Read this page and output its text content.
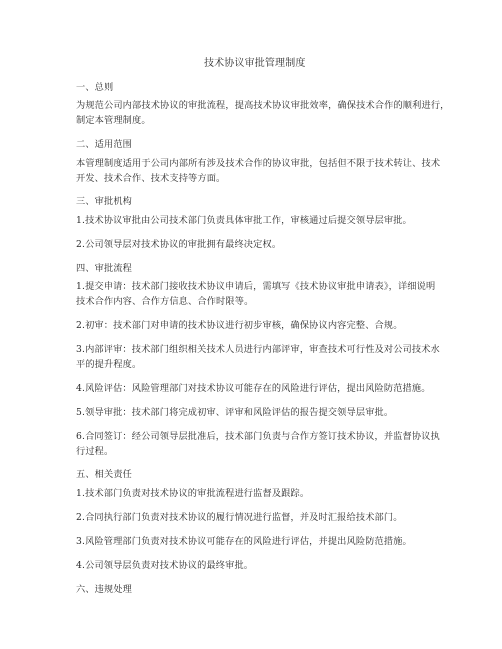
技术协议审批管理制度
一、总则
为规范公司内部技术协议的审批流程，提高技术协议审批效率，确保技术合作的顺利进行，
制定本管理制度。
二、适用范围
本管理制度适用于公司内部所有涉及技术合作的协议审批，包括但不限于技术转让、技术
开发、技术合作、技术支持等方面。
三、审批机构
1.技术协议审批由公司技术部门负责具体审批工作，审核通过后提交领导层审批。
2.公司领导层对技术协议的审批拥有最终决定权。
四、审批流程
1.提交申请：技术部门接收技术协议申请后，需填写《技术协议审批申请表》，详细说明
技术合作内容、合作方信息、合作时限等。
2.初审：技术部门对申请的技术协议进行初步审核，确保协议内容完整、合规。
3.内部评审：技术部门组织相关技术人员进行内部评审，审查技术可行性及对公司技术水
平的提升程度。
4.风险评估：风险管理部门对技术协议可能存在的风险进行评估，提出风险防范措施。
5.领导审批：技术部门将完成初审、评审和风险评估的报告提交领导层审批。
6.合同签订：经公司领导层批准后，技术部门负责与合作方签订技术协议，并监督协议执
行过程。
五、相关责任
1.技术部门负责对技术协议的审批流程进行监督及跟踪。
2.合同执行部门负责对技术协议的履行情况进行监督，并及时汇报给技术部门。
3.风险管理部门负责对技术协议可能存在的风险进行评估，并提出风险防范措施。
4.公司领导层负责对技术协议的最终审批。
六、违规处理
